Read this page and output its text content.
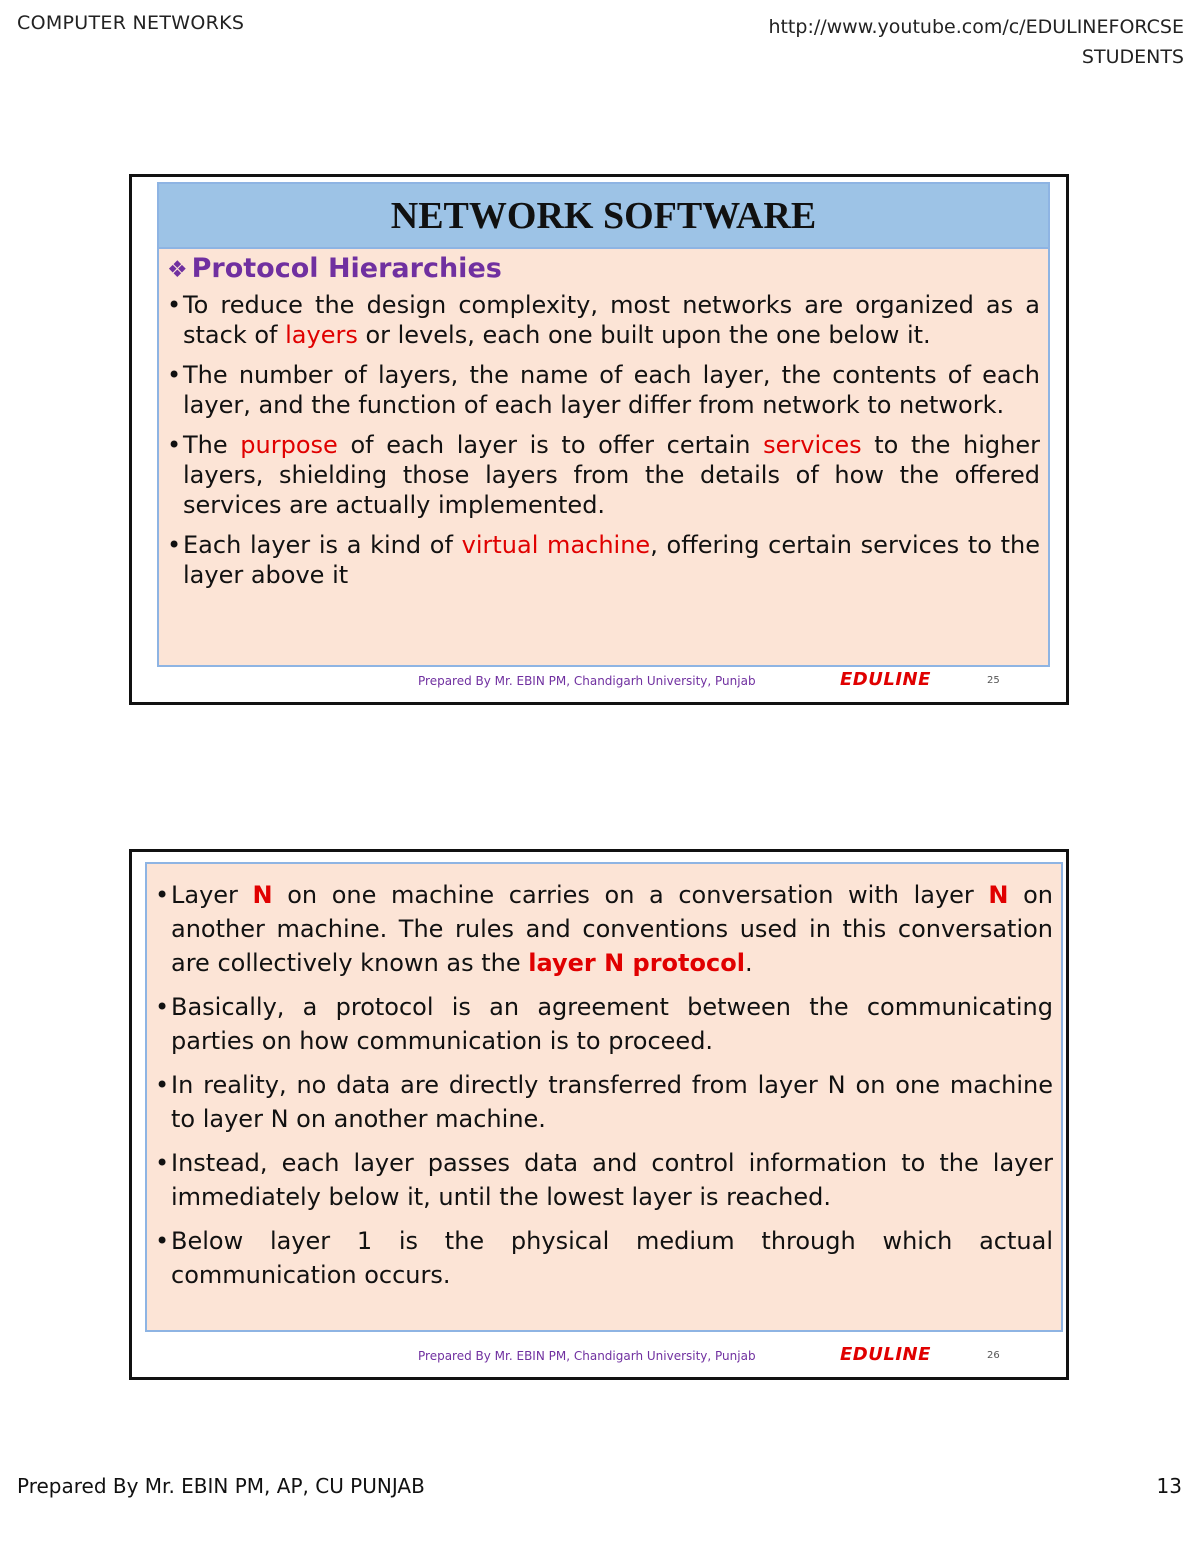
COMPUTER NETWORKS	http://www.youtube.com/c/EDULINEFORCSE
STUDENTS
NETWORK SOFTWARE
❖ Protocol Hierarchies
• To reduce the design complexity, most networks are organized as a stack of layers or levels, each one built upon the one below it.
• The number of layers, the name of each layer, the contents of each layer, and the function of each layer differ from network to network.
• The purpose of each layer is to offer certain services to the higher layers, shielding those layers from the details of how the offered services are actually implemented.
• Each layer is a kind of virtual machine, offering certain services to the layer above it
Prepared By Mr. EBIN PM, Chandigarh University, Punjab	EDULINE	25
• Layer N on one machine carries on a conversation with layer N on another machine. The rules and conventions used in this conversation are collectively known as the layer N protocol.
• Basically, a protocol is an agreement between the communicating parties on how communication is to proceed.
• In reality, no data are directly transferred from layer N on one machine to layer N on another machine.
• Instead, each layer passes data and control information to the layer immediately below it, until the lowest layer is reached.
• Below layer 1 is the physical medium through which actual communication occurs.
Prepared By Mr. EBIN PM, Chandigarh University, Punjab	EDULINE	26
Prepared By Mr. EBIN PM, AP, CU PUNJAB	13
